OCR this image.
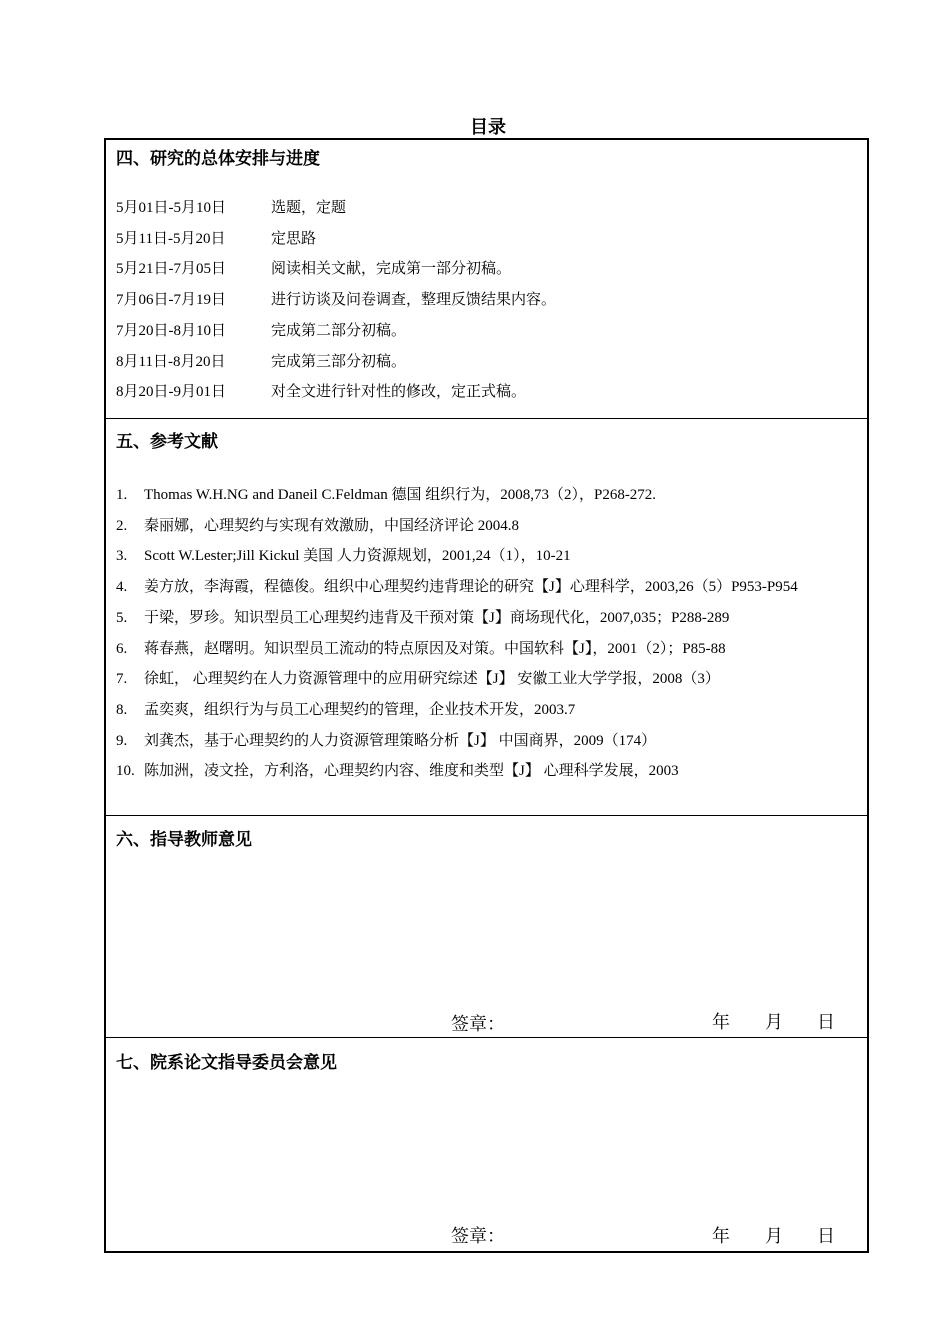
目录
四、研究的总体安排与进度
5月01日-5月10日	选题，定题
5月11日-5月20日	定思路
5月21日-7月05日	阅读相关文献，完成第一部分初稿。
7月06日-7月19日	进行访谈及问卷调查，整理反馈结果内容。
7月20日-8月10日	完成第二部分初稿。
8月11日-8月20日	完成第三部分初稿。
8月20日-9月01日	对全文进行针对性的修改，定正式稿。
五、参考文献
1. Thomas W.H.NG and Daneil C.Feldman 德国 组织行为，2008,73（2），P268-272.
2. 秦丽娜，心理契约与实现有效激励，中国经济评论 2004.8
3. Scott W.Lester;Jill Kickul 美国 人力资源规划，2001,24（1），10-21
4. 姜方放，李海霞，程德俊。组织中心理契约违背理论的研究【J】心理科学，2003,26（5）P953-P954
5. 于梁，罗珍。知识型员工心理契约违背及干预对策【J】商场现代化，2007,035；P288-289
6. 蒋春燕，赵曙明。知识型员工流动的特点原因及对策。中国软科【J】，2001（2）；P85-88
7. 徐虹， 心理契约在人力资源管理中的应用研究综述【J】 安徽工业大学学报，2008（3）
8. 孟奕爽，组织行为与员工心理契约的管理，企业技术开发，2003.7
9. 刘龚杰，基于心理契约的人力资源管理策略分析【J】 中国商界，2009（174）
10. 陈加洲，凌文拴，方利洛，心理契约内容、维度和类型【J】 心理科学发展，2003
六、指导教师意见
签章：	年 月 日
七、院系论文指导委员会意见
签章：	年 月 日
